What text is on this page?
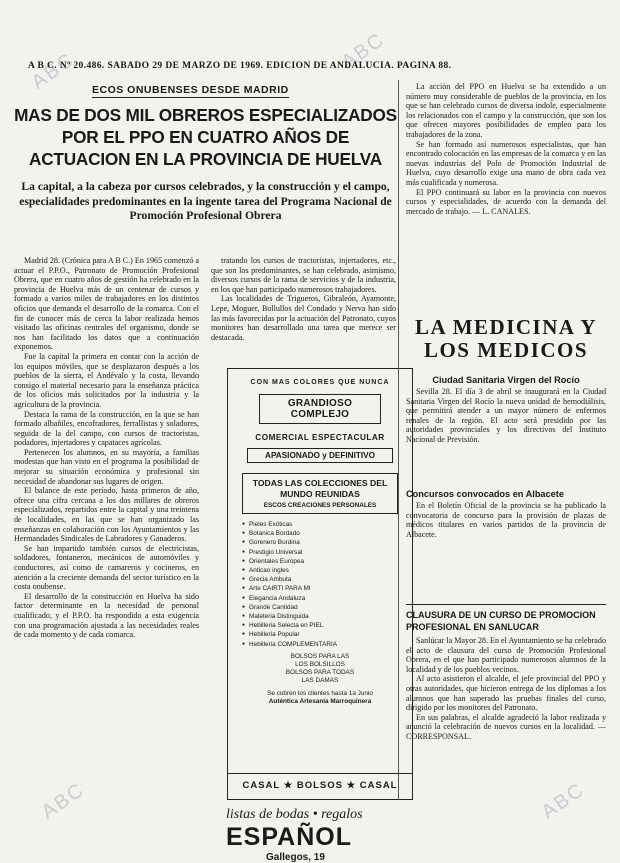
ABC	ABC
ABC	ABC
A B C. Nº 20.486. SABADO 29 DE MARZO DE 1969. EDICION DE ANDALUCIA. PAGINA 88.
ECOS ONUBENSES DESDE MADRID
MAS DE DOS MIL OBREROS ESPECIALIZADOS POR EL PPO EN CUATRO AÑOS DE ACTUACION EN LA PROVINCIA DE HUELVA
La capital, a la cabeza por cursos celebrados, y la construcción y el campo, especialidades predominantes en la ingente tarea del Programa Nacional de Promoción Profesional Obrera

Madrid 28. (Crónica para A B C.) En 1965 comenzó a actuar el P.P.O., Patronato de Promoción Profesional Obrera, que en cuatro años de gestión ha celebrado en la provincia de Huelva más de un centenar de cursos y formado a varios miles de trabajadores en los distintos oficios que demanda el desarrollo de la comarca. Con el fin de conocer más de cerca la labor realizada hemos visitado las oficinas centrales del organismo, donde se nos han facilitado los datos que a continuación exponemos.

Fue la capital la primera en contar con la acción de los equipos móviles, que se desplazaron después a los pueblos de la sierra, el Andévalo y la costa, llevando consigo el material necesario para la enseñanza práctica de los oficios más solicitados por la industria y la agricultura de la provincia.

Destaca la rama de la construcción, en la que se han formado albañiles, encofradores, ferrallistas y soladores, seguida de la del campo, con cursos de tractoristas, podadores, injertadores y capataces agrícolas.

Pertenecen los alumnos, en su mayoría, a familias modestas que han visto en el programa la posibilidad de mejorar su situación económica y profesional sin necesidad de abandonar sus lugares de origen.

El balance de este período, hasta primeros de año, ofrece una cifra cercana a los dos millares de obreros especializados, repartidos entre la capital y una treintena de localidades, en las que se han organizado las enseñanzas en colaboración con los Ayuntamientos y las Hermandades Sindicales de Labradores y Ganaderos.

Se han impartido también cursos de electricistas, soldadores, fontaneros, mecánicos de automóviles y conductores, así como de camareros y cocineros, en atención a la creciente demanda del sector turístico en la costa onubense.

El desarrollo de la construcción en Huelva ha sido factor determinante en la necesidad de personal cualificado, y el P.P.O. ha respondido a esta exigencia con una programación ajustada a las necesidades reales de cada momento y de cada comarca.

tratando los cursos de tractoristas, injertadores, etc., que son los predominantes, se han celebrado, asimismo, diversos cursos de la rama de servicios y de la industria, en los que han participado numerosos trabajadores.

Las localidades de Trigueros, Gibraleón, Ayamonte, Lepe, Moguer, Bollullos del Condado y Nerva han sido las más favorecidas por la actuación del Patronato, cuyos monitores han desarrollado una tarea que merece ser destacada.

CON MAS COLORES QUE NUNCA
GRANDIOSO COMPLEJO
COMERCIAL ESPECTACULAR
APASIONADO y DEFINITIVO
TODAS LAS COLECCIONES DEL MUNDO REUNIDAS
ESCOS CREACIONES PERSONALES
● Pieles Exóticas
● Botanica Bordado
● Gorenero Burdina
● Prestigio Universal
● Orientales Europea
● Anticao ingles
● Grecia Ambuta
● Arte CAIRTI PARA MI
● Elegancia Andaluza
● Grande Cantidad
● Maleteria Distinguida
● Hebilleria Selecta en PIEL
● Hebilleria Popular
● Hebilleria COMPLEMENTARIA
BOLSOS PARA LAS
LOS BOLSILLOS
BOLSOS PARA TODAS
LAS DAMAS
Se cubren los clientes hasta 1a Junio
Auténtica Artesanía Marroquinera
CASAL ★ BOLSOS ★ CASAL
listas de bodas • regalos
ESPAÑOL
Gallegos, 19

La acción del PPO en Huelva se ha extendido a un número muy considerable de pueblos de la provincia, en los que se han celebrado cursos de diversa índole, especialmente los relacionados con el campo y la construcción, que son los que ofrecen mayores posibilidades de empleo para los trabajadores de la zona.

Se han formado así numerosos especialistas, que han encontrado colocación en las empresas de la comarca y en las nuevas industrias del Polo de Promoción Industrial de Huelva, cuyo desarrollo exige una mano de obra cada vez más cualificada y numerosa.

El PPO continuará su labor en la provincia con nuevos cursos y especialidades, de acuerdo con la demanda del mercado de trabajo. — L. CANALES.

LA MEDICINA Y LOS MEDICOS
Ciudad Sanitaria Virgen del Rocío

Sevilla 28. El día 3 de abril se inaugurará en la Ciudad Sanitaria Virgen del Rocío la nueva unidad de hemodiálisis, que permitirá atender a un mayor número de enfermos renales de la región. El acto será presidido por las autoridades provinciales y los directivos del Instituto Nacional de Previsión.

Concursos convocados en Albacete

En el Boletín Oficial de la provincia se ha publicado la convocatoria de concurso para la provisión de plazas de médicos titulares en varios partidos de la provincia de Albacete.

CLAUSURA DE UN CURSO DE PROMOCION PROFESIONAL EN SANLUCAR

Sanlúcar la Mayor 28. En el Ayuntamiento se ha celebrado el acto de clausura del curso de Promoción Profesional Obrera, en el que han participado numerosos alumnos de la localidad y de los pueblos vecinos.

Al acto asistieron el alcalde, el jefe provincial del PPO y otras autoridades, que hicieron entrega de los diplomas a los alumnos que han superado las pruebas finales del curso, dirigido por los monitores del Patronato.

En sus palabras, el alcalde agradeció la labor realizada y anunció la celebración de nuevos cursos en la localidad. — CORRESPONSAL.
